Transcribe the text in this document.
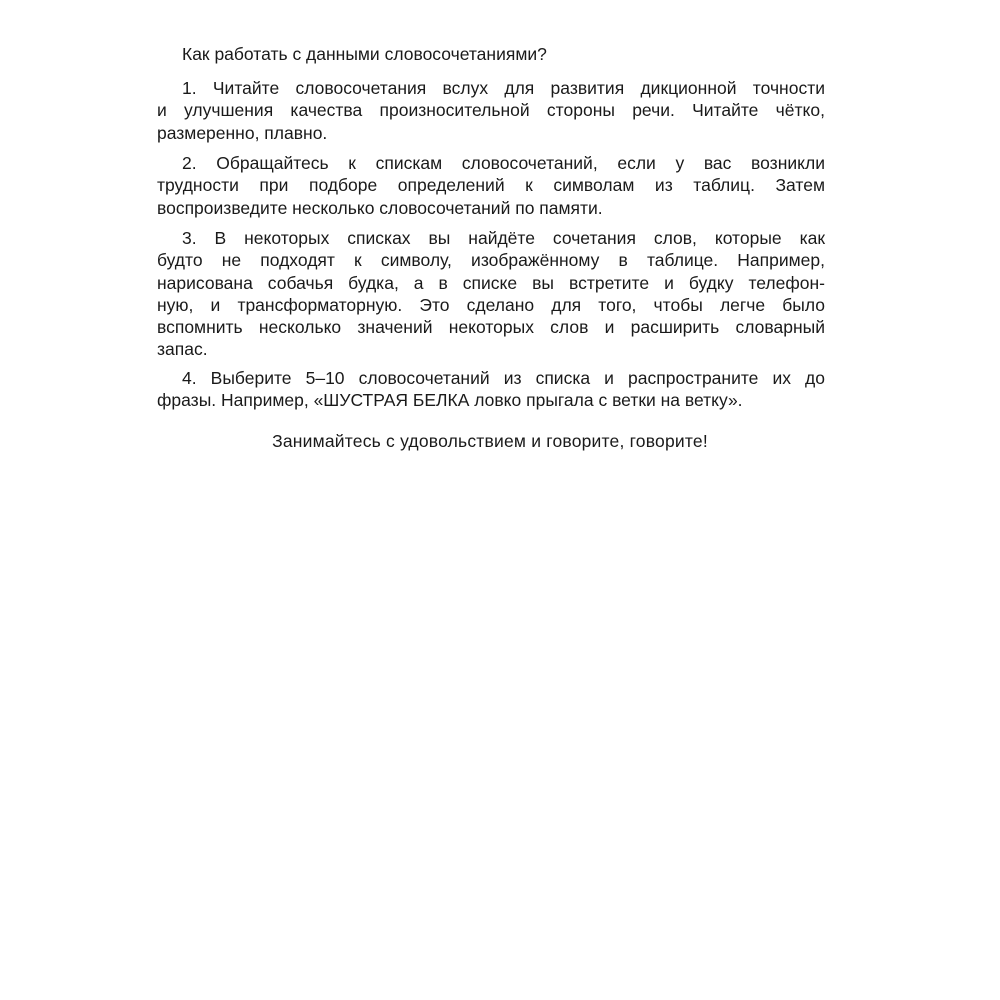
Как работать с данными словосочетаниями?
1. Читайте словосочетания вслух для развития дикционной точности
и улучшения качества произносительной стороны речи. Читайте чётко,
размеренно, плавно.
2. Обращайтесь к спискам словосочетаний, если у вас возникли
трудности при подборе определений к символам из таблиц. Затем
воспроизведите несколько словосочетаний по памяти.
3. В некоторых списках вы найдёте сочетания слов, которые как
будто не подходят к символу, изображённому в таблице. Например,
нарисована собачья будка, а в списке вы встретите и будку телефон-
ную, и трансформаторную. Это сделано для того, чтобы легче было
вспомнить несколько значений некоторых слов и расширить словарный
запас.
4. Выберите 5–10 словосочетаний из списка и распространите их до
фразы. Например, «ШУСТРАЯ БЕЛКА ловко прыгала с ветки на ветку».
Занимайтесь с удовольствием и говорите, говорите!
